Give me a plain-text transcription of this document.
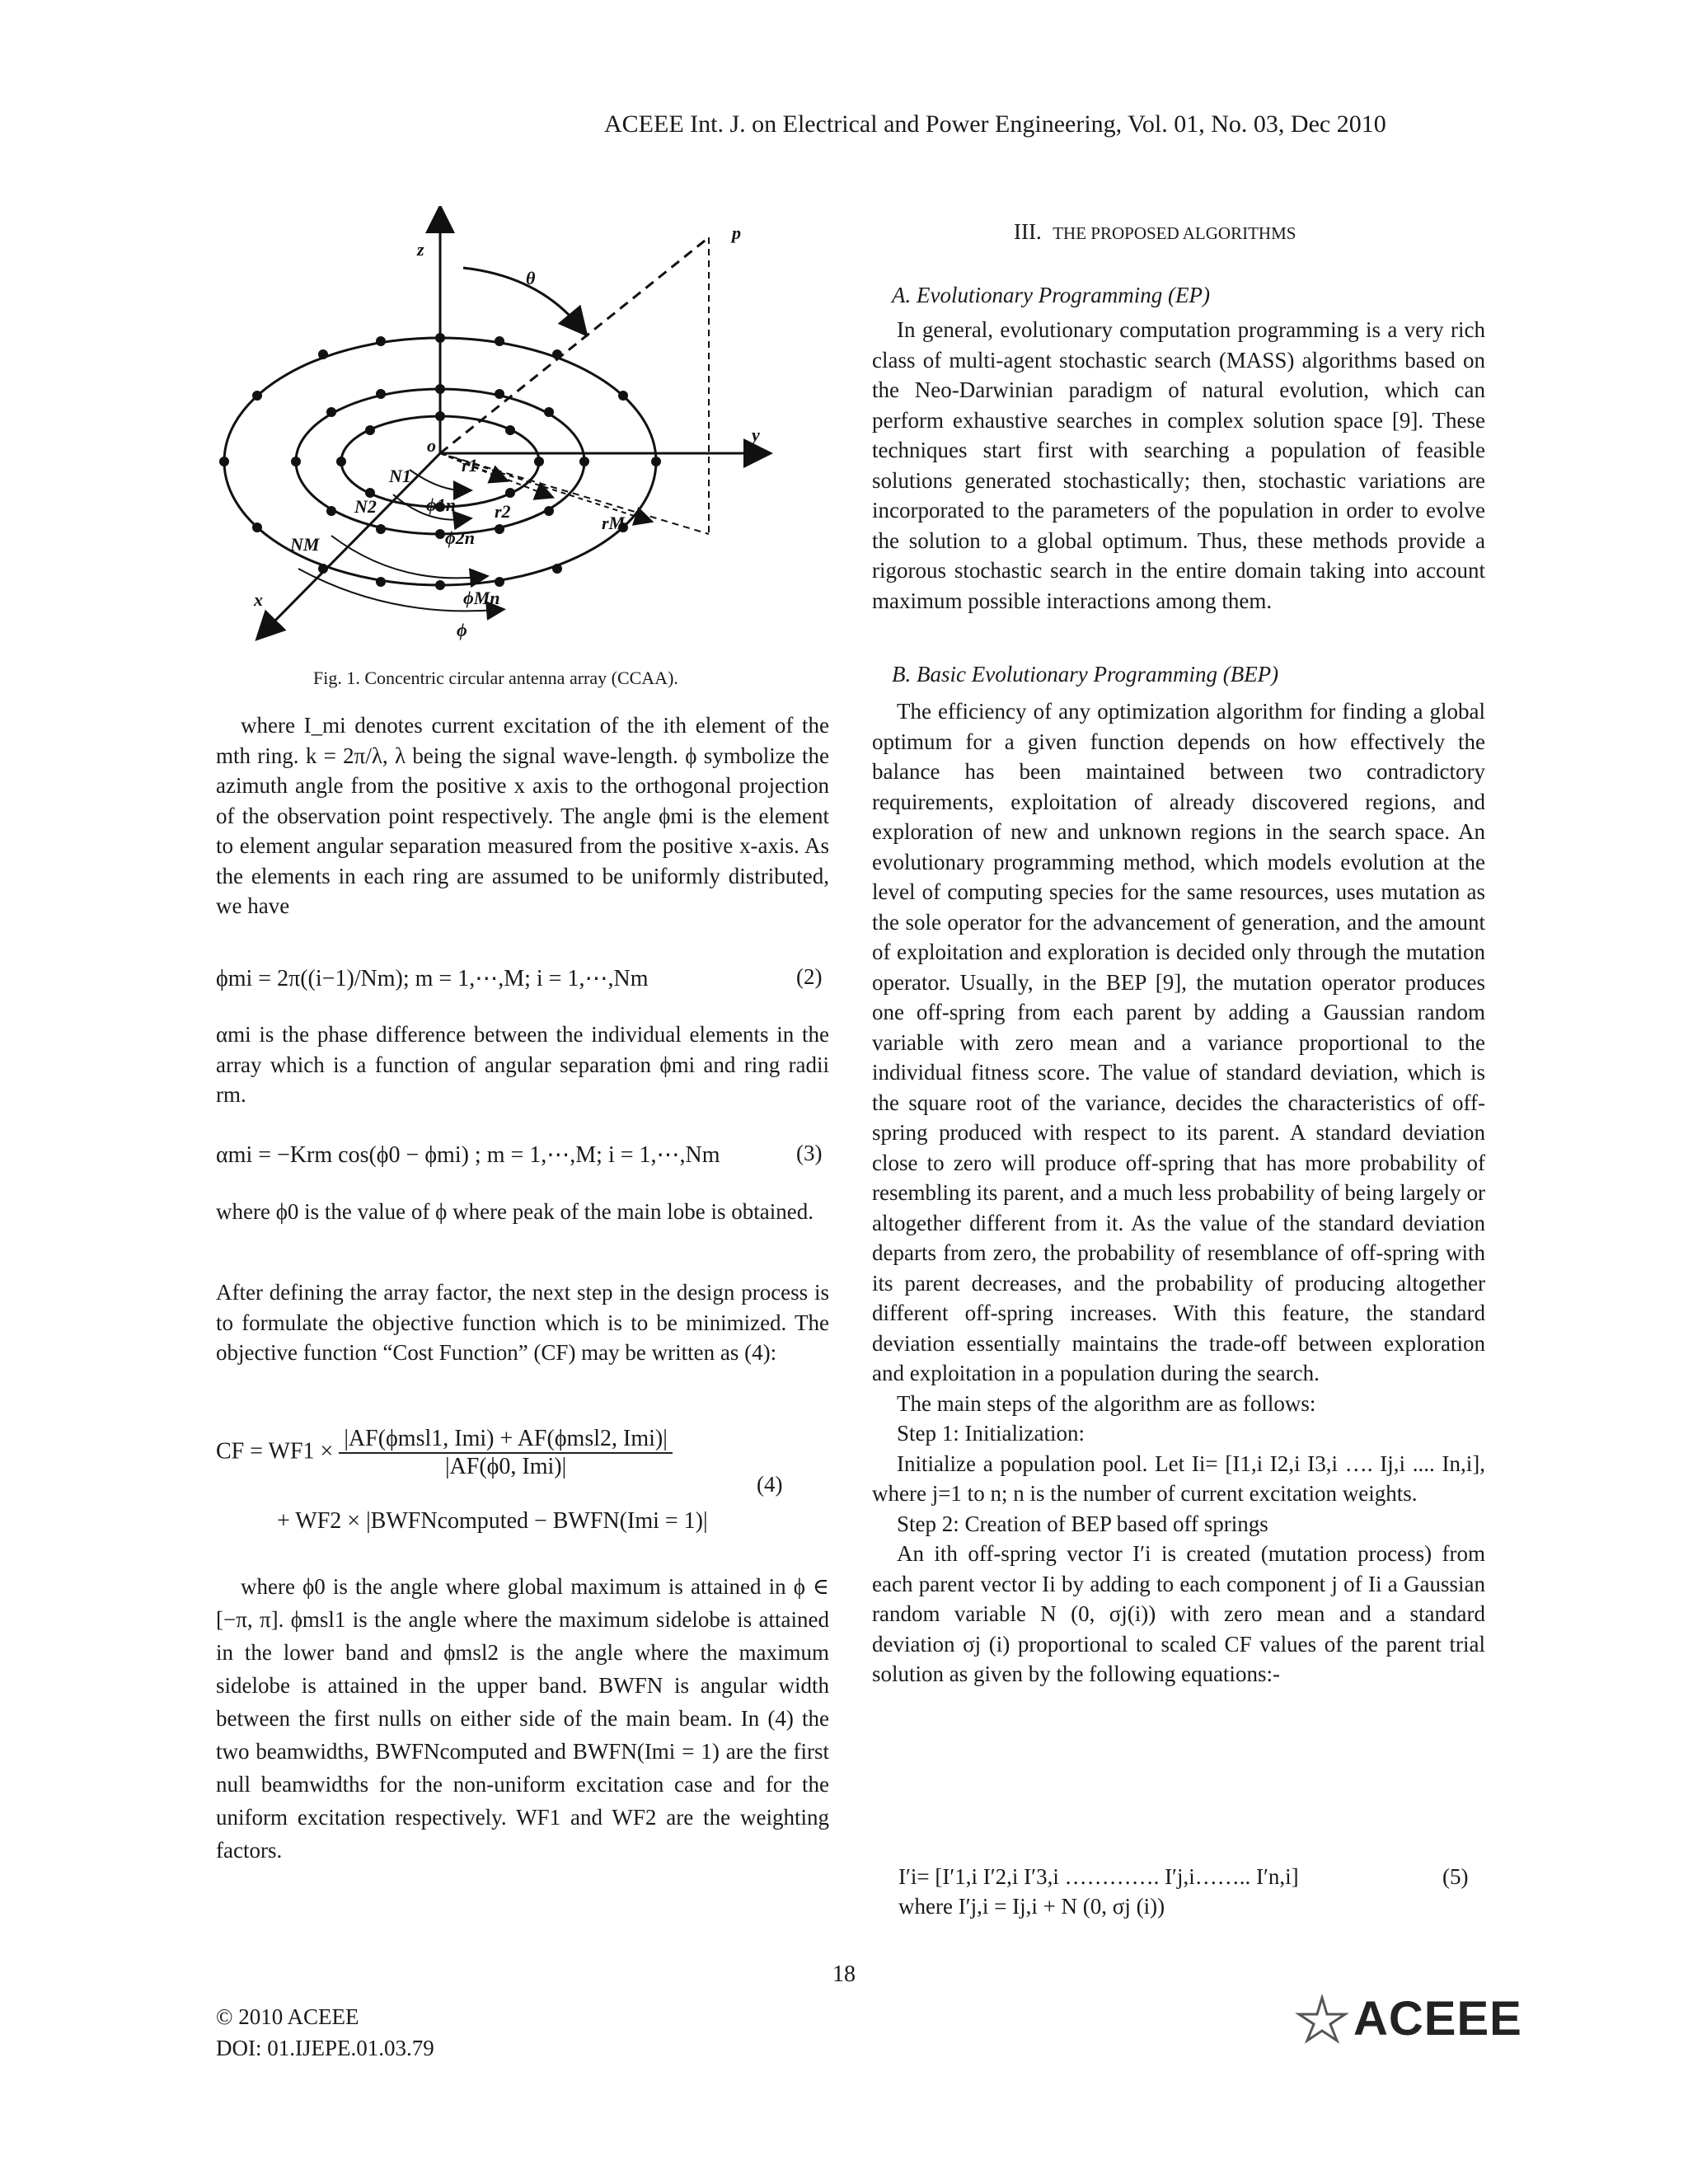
ACEEE Int. J. on Electrical and Power Engineering, Vol. 01, No. 03, Dec 2010
z
y
x
p
o
θ
N1
N2
NM
r1
r2
rM
ϕ1n
ϕ2n
ϕMn
ϕ
Fig. 1. Concentric circular antenna array (CCAA).

where I_mi denotes current excitation of the ith element of the mth ring. k = 2π/λ, λ being the signal wave-length. ϕ symbolize the azimuth angle from the positive x axis to the orthogonal projection of the observation point respectively. The angle ϕmi is the element to element angular separation measured from the positive x-axis. As the elements in each ring are assumed to be uniformly distributed, we have

ϕmi = 2π((i−1)/Nm); m = 1,⋯,M; i = 1,⋯,Nm	(2)

αmi is the phase difference between the individual elements in the array which is a function of angular separation ϕmi and ring radii rm.

αmi = −Krm cos(ϕ0 − ϕmi) ; m = 1,⋯,M; i = 1,⋯,Nm	(3)

where ϕ0 is the value of ϕ where peak of the main lobe is obtained.

After defining the array factor, the next step in the design process is to formulate the objective function which is to be minimized. The objective function “Cost Function” (CF) may be written as (4):

CF = $WF1 \times \frac{\text{|AF(ϕmsl1, Imi) + AF(ϕmsl2, Imi)|}}{\text{|AF(ϕ0, Imi)|}}$
(4)
+ WF2 × |BWFNcomputed − BWFN(Imi = 1)|

where ϕ0 is the angle where global maximum is attained in ϕ ∈ [−π, π]. ϕmsl1 is the angle where the maximum sidelobe is attained in the lower band and ϕmsl2 is the angle where the maximum sidelobe is attained in the upper band. BWFN is angular width between the first nulls on either side of the main beam. In (4) the two beamwidths, BWFNcomputed and BWFN(Imi = 1) are the first null beamwidths for the non-uniform excitation case and for the uniform excitation respectively. WF1 and WF2 are the weighting factors.

III. THE PROPOSED ALGORITHMS

A. Evolutionary Programming (EP)

In general, evolutionary computation programming is a very rich class of multi-agent stochastic search (MASS) algorithms based on the Neo-Darwinian paradigm of natural evolution, which can perform exhaustive searches in complex solution space [9]. These techniques start first with searching a population of feasible solutions generated stochastically; then, stochastic variations are incorporated to the parameters of the population in order to evolve the solution to a global optimum. Thus, these methods provide a rigorous stochastic search in the entire domain taking into account maximum possible interactions among them.

B. Basic Evolutionary Programming (BEP)

The efficiency of any optimization algorithm for finding a global optimum for a given function depends on how effectively the balance has been maintained between two contradictory requirements, exploitation of already discovered regions, and exploration of new and unknown regions in the search space. An evolutionary programming method, which models evolution at the level of computing species for the same resources, uses mutation as the sole operator for the advancement of generation, and the amount of exploitation and exploration is decided only through the mutation operator. Usually, in the BEP [9], the mutation operator produces one off-spring from each parent by adding a Gaussian random variable with zero mean and a variance proportional to the individual fitness score. The value of standard deviation, which is the square root of the variance, decides the characteristics of off-spring produced with respect to its parent. A standard deviation close to zero will produce off-spring that has more probability of resembling its parent, and a much less probability of being largely or altogether different from it. As the value of the standard deviation departs from zero, the probability of resemblance of off-spring with its parent decreases, and the probability of producing altogether different off-spring increases. With this feature, the standard deviation essentially maintains the trade-off between exploration and exploitation in a population during the search.

The main steps of the algorithm are as follows:

Step 1: Initialization:

Initialize a population pool. Let Ii= [I1,i I2,i I3,i …. Ij,i .... In,i], where j=1 to n; n is the number of current excitation weights.

Step 2: Creation of BEP based off springs

An ith off-spring vector I′i is created (mutation process) from each parent vector Ii by adding to each component j of Ii a Gaussian random variable N (0, σj(i)) with zero mean and a standard deviation σj (i) proportional to scaled CF values of the parent trial solution as given by the following equations:-

I′i= [I′1,i I′2,i I′3,i …………. I′j,i…….. I′n,i]	(5)
where I′j,i = Ij,i + N (0, σj (i))
18
© 2010 ACEEE
DOI: 01.IJEPE.01.03.79
ACEEE
